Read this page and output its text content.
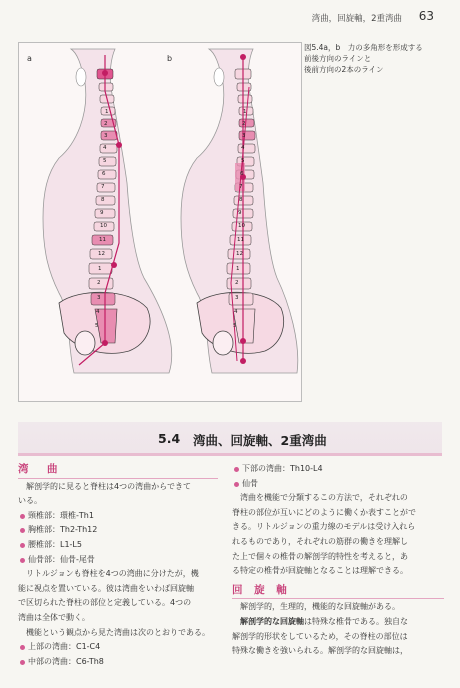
湾曲，回旋軸，2重湾曲 63
a	b
1
2
3
4
5
6
7
8
9
10
11
12
1
2
3
4
5
1
2
3
4
5
6
7
8
9
10
11
12
1
2
3
4
5
図5.4a，b　力の多角形を形成する
前後方向のラインと
後前方向の2本のライン
5.4 湾曲、回旋軸、2重湾曲
湾　曲
解剖学的に見ると脊柱は4つの湾曲からできて
いる。
頸椎部：環椎-Th1
胸椎部：Th2-Th12
腰椎部：L1-L5
仙骨部：仙骨-尾骨
リトルジョンも脊柱を4つの湾曲に分けたが，機
能に視点を置いている。彼は湾曲をいわば回旋軸
で区切られた脊柱の部位と定義している。4つの
湾曲は全体で動く。
機能という観点から見た湾曲は次のとおりである。
上部の湾曲：C1-C4
中部の湾曲：C6-Th8
下部の湾曲：Th10-L4
仙骨
湾曲を機能で分類するこの方法で，それぞれの
脊柱の部位が互いにどのように働くか表すことがで
きる。リトルジョンの重力線のモデルは受け入れら
れるものであり，それぞれの筋群の働きを理解し
た上で個々の椎骨の解剖学的特性を考えると，あ
る特定の椎骨が回旋軸となることは理解できる。
回 旋 軸
解剖学的，生理的，機能的な回旋軸がある。
解剖学的な回旋軸は特殊な椎骨である。独自な
解剖学的形状をしているため，その脊柱の部位は
特殊な働きを強いられる。解剖学的な回旋軸は，
